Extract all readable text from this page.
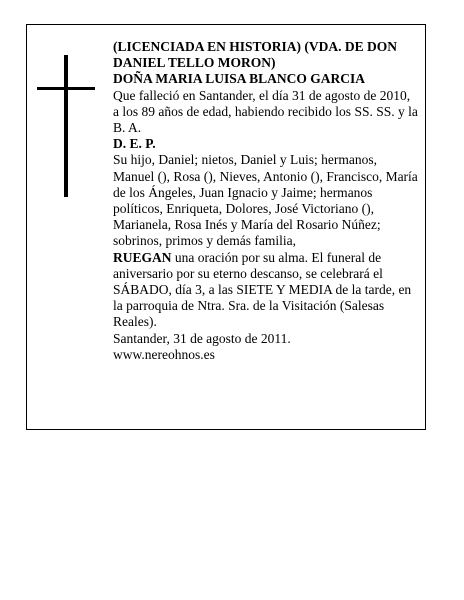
(LICENCIADA EN HISTORIA) (VDA. DE DON DANIEL TELLO MORON)

DOÑA MARIA LUISA BLANCO GARCIA

Que falleció en Santander, el día 31 de agosto de 2010, a los 89 años de edad, habiendo recibido los SS. SS. y la B. A.

D. E. P.

Su hijo, Daniel; nietos, Daniel y Luis; hermanos, Manuel (), Rosa (), Nieves, Antonio (), Francisco, María de los Ángeles, Juan Ignacio y Jaime; hermanos políticos, Enriqueta, Dolores, José Victoriano (), Marianela, Rosa Inés y María del Rosario Núñez; sobrinos, primos y demás familia,

RUEGAN una oración por su alma. El funeral de aniversario por su eterno descanso, se celebrará el SÁBADO, día 3, a las SIETE Y MEDIA de la tarde, en la parroquia de Ntra. Sra. de la Visitación (Salesas Reales).

Santander, 31 de agosto de 2011.

www.nereohnos.es
